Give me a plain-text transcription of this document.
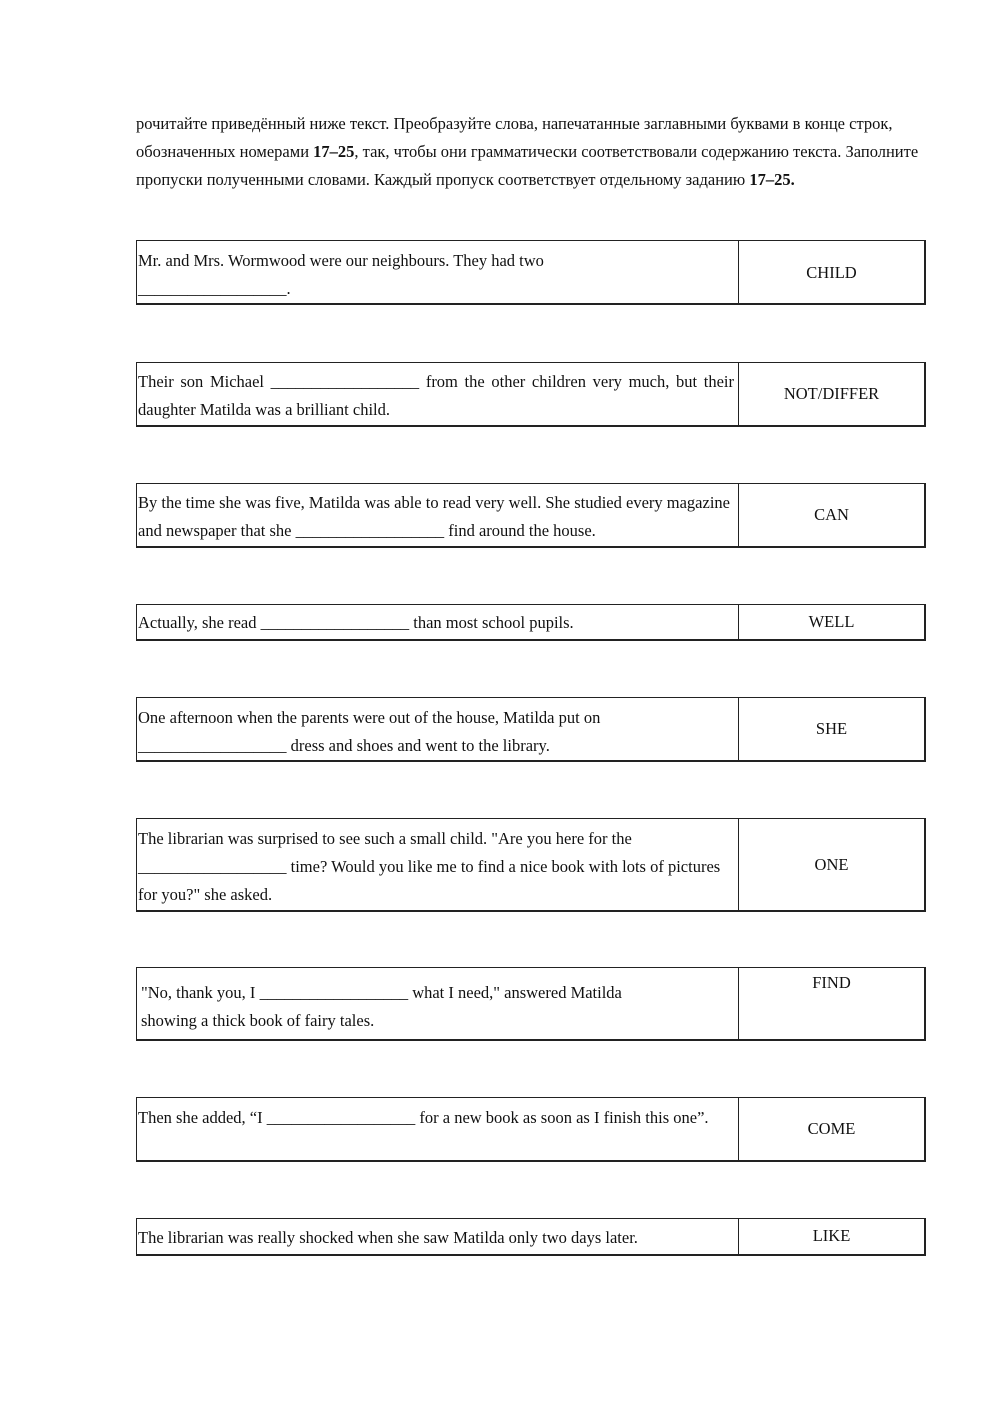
рочитайте приведённый ниже текст. Преобразуйте слова, напечатанные заглавными буквами в конце строк, обозначенных номерами 17–25, так, чтобы они грамматически соответствовали содержанию текста. Заполните пропуски полученными словами. Каждый пропуск соответствует отдельному заданию 17–25.
Mr. and Mrs. Wormwood were our neighbours. They had two __________________.
CHILD
Their son Michael __________________ from the other children very much, but their daughter Matilda was a brilliant child.
NOT/DIFFER
By the time she was five, Matilda was able to read very well. She studied every magazine and newspaper that she __________________ find around the house.
CAN
Actually, she read __________________ than most school pupils.	WELL
One afternoon when the parents were out of the house, Matilda put on __________________ dress and shoes and went to the library.
SHE
The librarian was surprised to see such a small child. "Are you here for the __________________ time? Would you like me to find a nice book with lots of pictures for you?" she asked.
ONE
"No, thank you, I __________________ what I need," answered Matilda showing a thick book of fairy tales.
FIND
Then she added, “I __________________ for a new book as soon as I finish this one”.
COME
The librarian was really shocked when she saw Matilda only two days later.	LIKE
